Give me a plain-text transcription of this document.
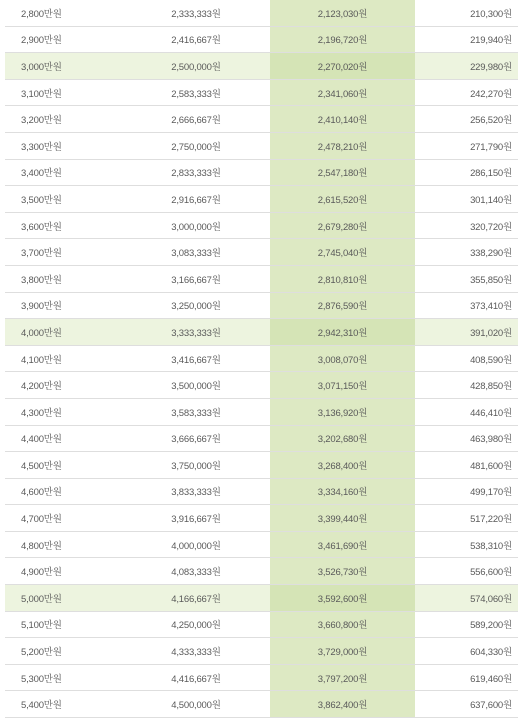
2,800만원	2,333,333원	2,123,030원	210,300원
2,900만원	2,416,667원	2,196,720원	219,940원
3,000만원	2,500,000원	2,270,020원	229,980원
3,100만원	2,583,333원	2,341,060원	242,270원
3,200만원	2,666,667원	2,410,140원	256,520원
3,300만원	2,750,000원	2,478,210원	271,790원
3,400만원	2,833,333원	2,547,180원	286,150원
3,500만원	2,916,667원	2,615,520원	301,140원
3,600만원	3,000,000원	2,679,280원	320,720원
3,700만원	3,083,333원	2,745,040원	338,290원
3,800만원	3,166,667원	2,810,810원	355,850원
3,900만원	3,250,000원	2,876,590원	373,410원
4,000만원	3,333,333원	2,942,310원	391,020원
4,100만원	3,416,667원	3,008,070원	408,590원
4,200만원	3,500,000원	3,071,150원	428,850원
4,300만원	3,583,333원	3,136,920원	446,410원
4,400만원	3,666,667원	3,202,680원	463,980원
4,500만원	3,750,000원	3,268,400원	481,600원
4,600만원	3,833,333원	3,334,160원	499,170원
4,700만원	3,916,667원	3,399,440원	517,220원
4,800만원	4,000,000원	3,461,690원	538,310원
4,900만원	4,083,333원	3,526,730원	556,600원
5,000만원	4,166,667원	3,592,600원	574,060원
5,100만원	4,250,000원	3,660,800원	589,200원
5,200만원	4,333,333원	3,729,000원	604,330원
5,300만원	4,416,667원	3,797,200원	619,460원
5,400만원	4,500,000원	3,862,400원	637,600원
